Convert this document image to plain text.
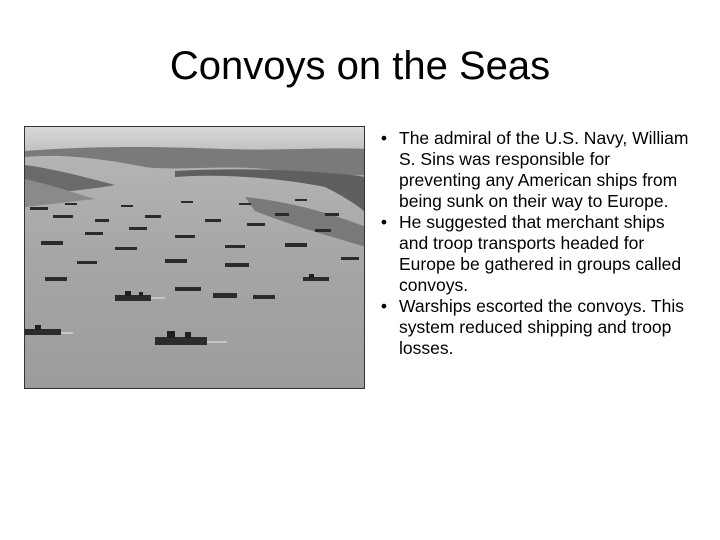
Convoys on the Seas
• The admiral of the U.S. Navy, William S. Sins was responsible for preventing any American ships from being sunk on their way to Europe.
• He suggested that merchant ships and troop transports headed for Europe be gathered in groups called convoys.
• Warships escorted the convoys. This system reduced shipping and troop losses.
